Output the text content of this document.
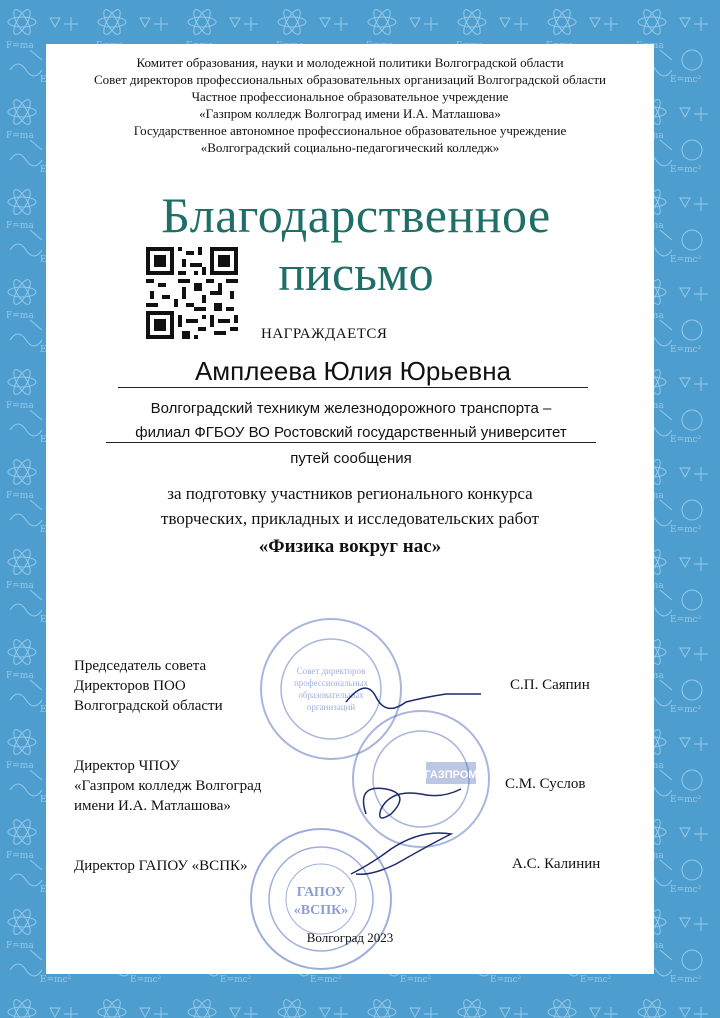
Комитет образования, науки и молодежной политики Волгоградской области
Совет директоров профессиональных образовательных организаций Волгоградской области
Частное профессиональное образовательное учреждение
«Газпром колледж Волгоград имени И.А. Матлашова»
Государственное автономное профессиональное образовательное учреждение
«Волгоградский социально-педагогический колледж»
Благодарственное
письмо
НАГРАЖДАЕТСЯ
Амплеева Юлия Юрьевна
Волгоградский техникум железнодорожного транспорта –
филиал ФГБОУ ВО Ростовский государственный университет
путей сообщения
за подготовку участников регионального конкурса
творческих, прикладных и исследовательских работ
«Физика вокруг нас»
Совет директоров
профессиональных
образовательных
организаций
ГАЗПРОМ
ГАПОУ
«ВСПК»
Председатель совета
Директоров ПОО
Волгоградской области
С.П. Саяпин
Директор ЧПОУ
«Газпром колледж Волгоград
имени И.А. Матлашова»
С.М. Суслов
Директор ГАПОУ «ВСПК»	А.С. Калинин
Волгоград 2023
